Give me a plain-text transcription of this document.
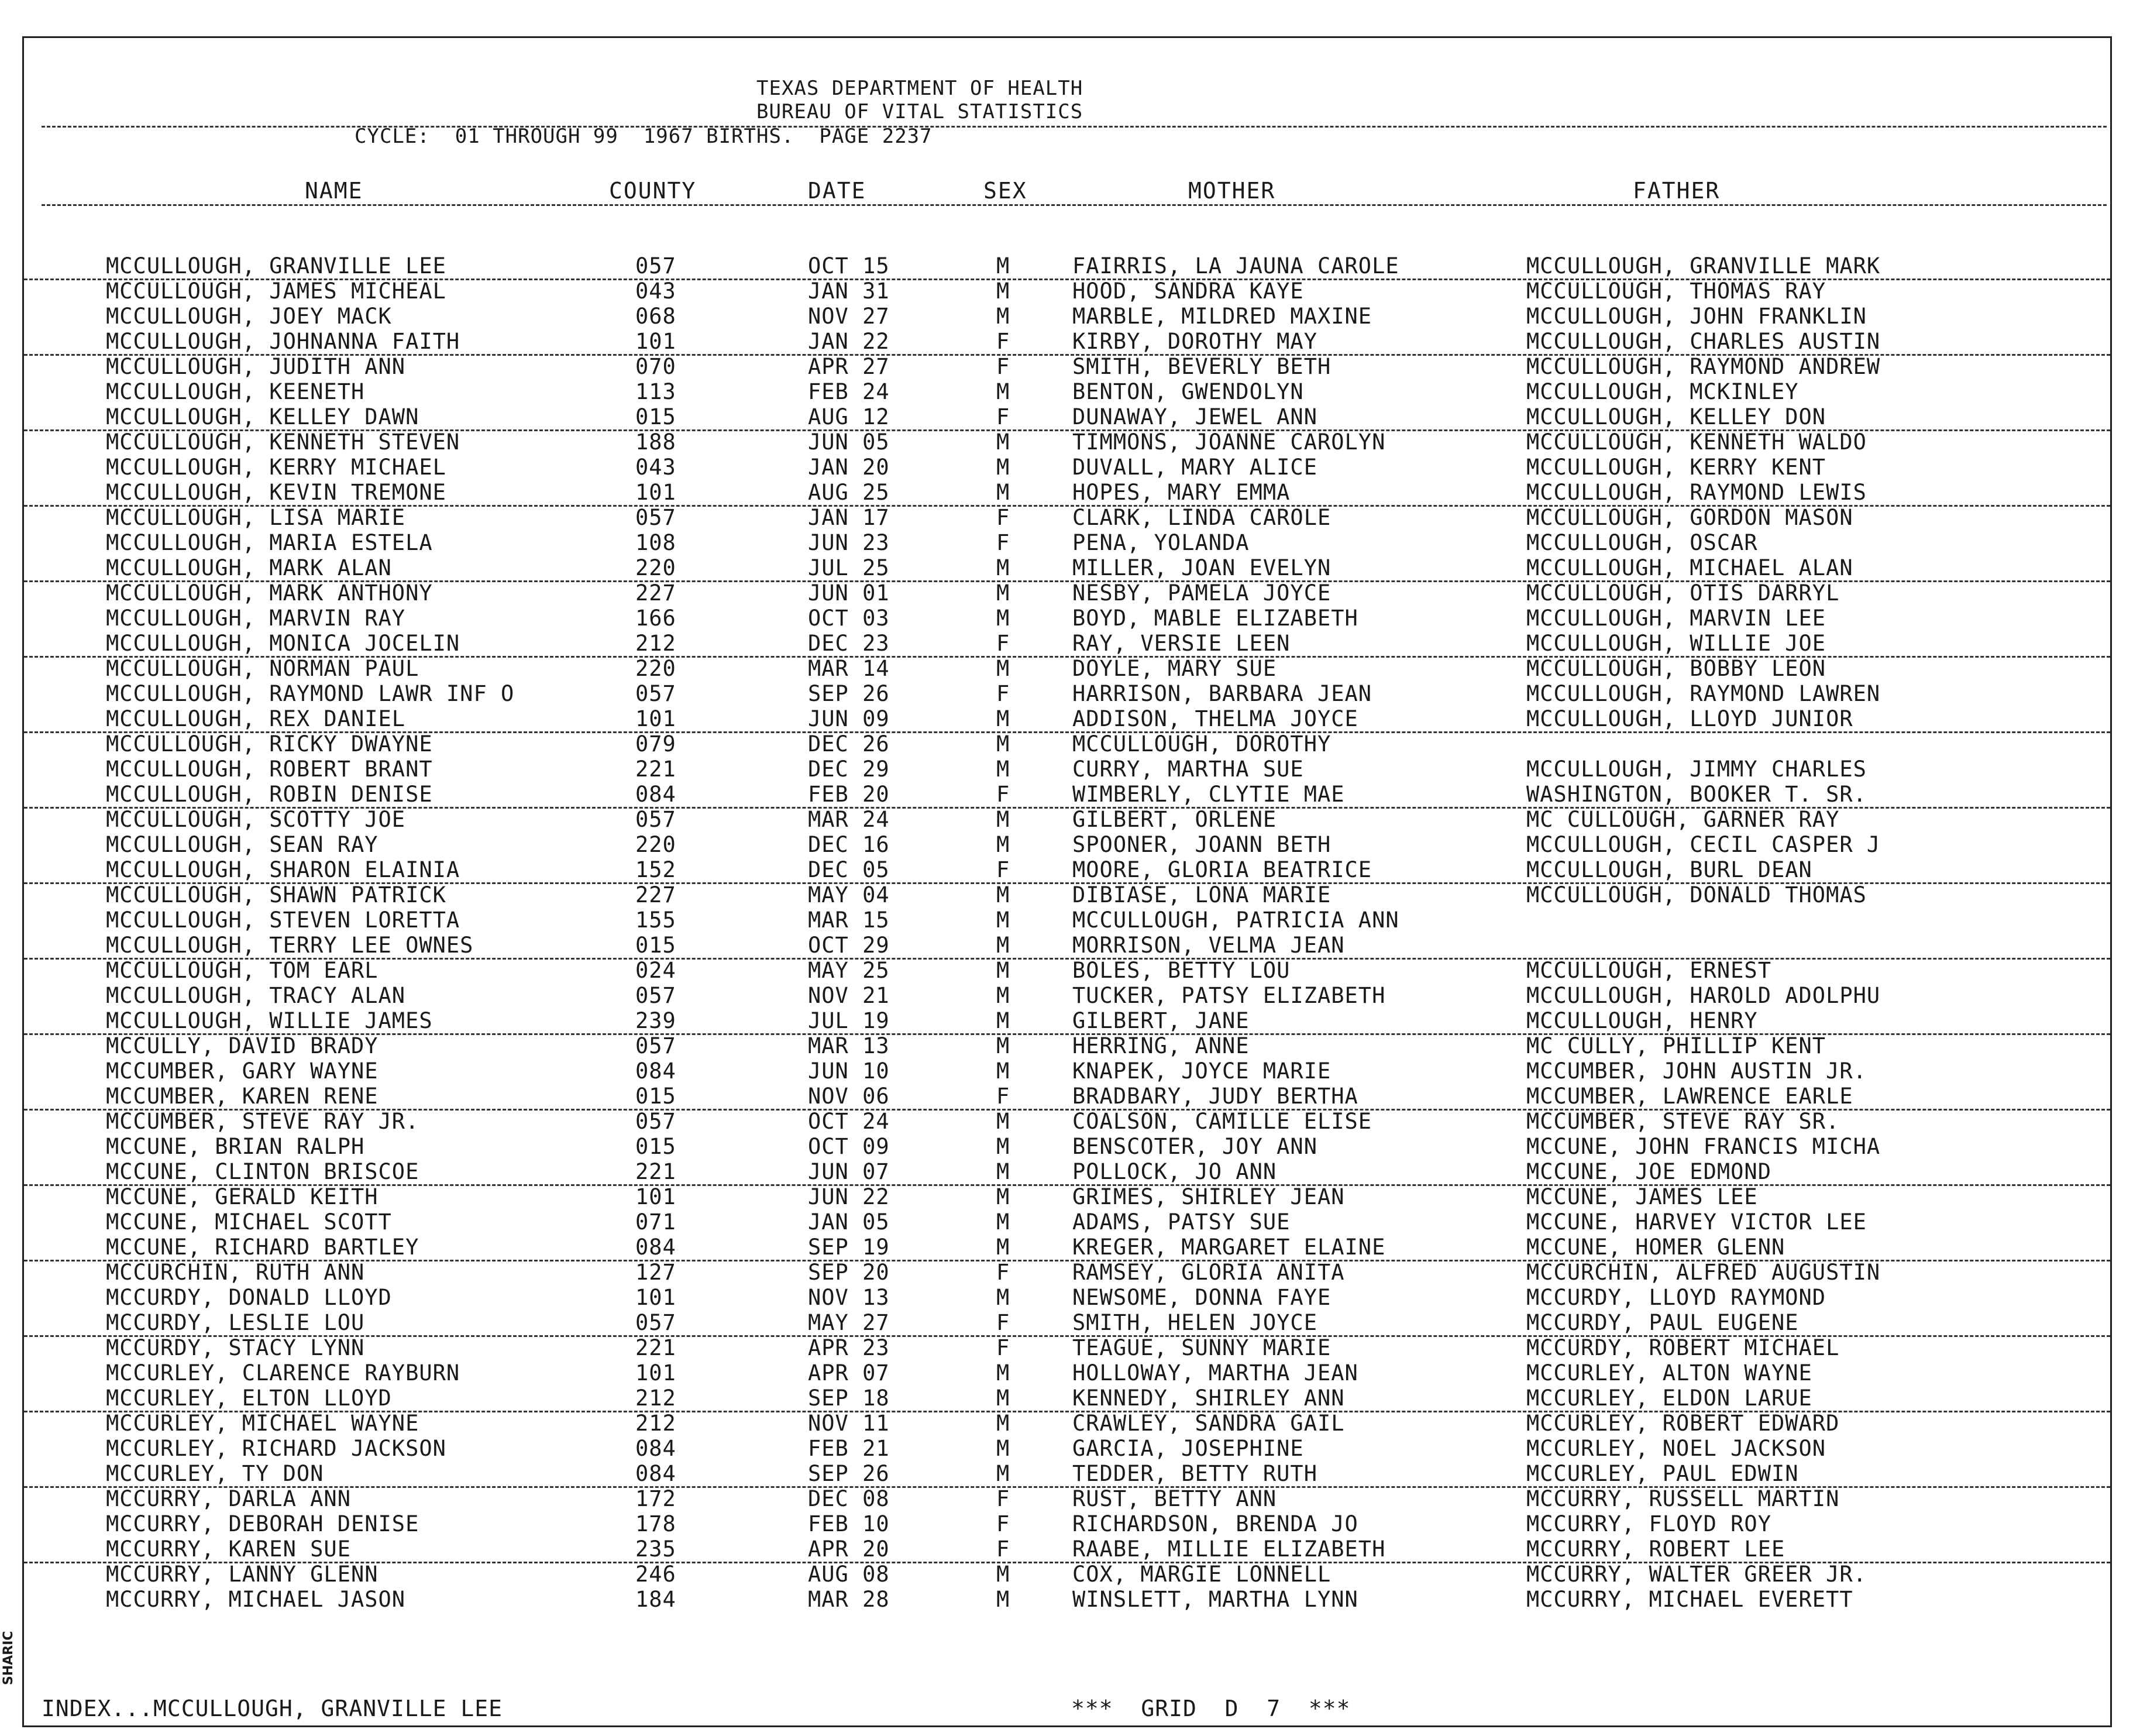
TEXAS DEPARTMENT OF HEALTH
BUREAU OF VITAL STATISTICS
CYCLE:  01 THROUGH 99  1967 BIRTHS.  PAGE 2237
NAME	COUNTY	DATE	SEX	MOTHER	FATHER
MCCULLOUGH, GRANVILLE LEE	057	OCT 15	M	FAIRRIS, LA JAUNA CAROLE	MCCULLOUGH, GRANVILLE MARK
MCCULLOUGH, JAMES MICHEAL	043	JAN 31	M	HOOD, SANDRA KAYE	MCCULLOUGH, THOMAS RAY
MCCULLOUGH, JOEY MACK	068	NOV 27	M	MARBLE, MILDRED MAXINE	MCCULLOUGH, JOHN FRANKLIN
MCCULLOUGH, JOHNANNA FAITH	101	JAN 22	F	KIRBY, DOROTHY MAY	MCCULLOUGH, CHARLES AUSTIN
MCCULLOUGH, JUDITH ANN	070	APR 27	F	SMITH, BEVERLY BETH	MCCULLOUGH, RAYMOND ANDREW
MCCULLOUGH, KEENETH	113	FEB 24	M	BENTON, GWENDOLYN	MCCULLOUGH, MCKINLEY
MCCULLOUGH, KELLEY DAWN	015	AUG 12	F	DUNAWAY, JEWEL ANN	MCCULLOUGH, KELLEY DON
MCCULLOUGH, KENNETH STEVEN	188	JUN 05	M	TIMMONS, JOANNE CAROLYN	MCCULLOUGH, KENNETH WALDO
MCCULLOUGH, KERRY MICHAEL	043	JAN 20	M	DUVALL, MARY ALICE	MCCULLOUGH, KERRY KENT
MCCULLOUGH, KEVIN TREMONE	101	AUG 25	M	HOPES, MARY EMMA	MCCULLOUGH, RAYMOND LEWIS
MCCULLOUGH, LISA MARIE	057	JAN 17	F	CLARK, LINDA CAROLE	MCCULLOUGH, GORDON MASON
MCCULLOUGH, MARIA ESTELA	108	JUN 23	F	PENA, YOLANDA	MCCULLOUGH, OSCAR
MCCULLOUGH, MARK ALAN	220	JUL 25	M	MILLER, JOAN EVELYN	MCCULLOUGH, MICHAEL ALAN
MCCULLOUGH, MARK ANTHONY	227	JUN 01	M	NESBY, PAMELA JOYCE	MCCULLOUGH, OTIS DARRYL
MCCULLOUGH, MARVIN RAY	166	OCT 03	M	BOYD, MABLE ELIZABETH	MCCULLOUGH, MARVIN LEE
MCCULLOUGH, MONICA JOCELIN	212	DEC 23	F	RAY, VERSIE LEEN	MCCULLOUGH, WILLIE JOE
MCCULLOUGH, NORMAN PAUL	220	MAR 14	M	DOYLE, MARY SUE	MCCULLOUGH, BOBBY LEON
MCCULLOUGH, RAYMOND LAWR INF O	057	SEP 26	F	HARRISON, BARBARA JEAN	MCCULLOUGH, RAYMOND LAWREN
MCCULLOUGH, REX DANIEL	101	JUN 09	M	ADDISON, THELMA JOYCE	MCCULLOUGH, LLOYD JUNIOR
MCCULLOUGH, RICKY DWAYNE	079	DEC 26	M	MCCULLOUGH, DOROTHY
MCCULLOUGH, ROBERT BRANT	221	DEC 29	M	CURRY, MARTHA SUE	MCCULLOUGH, JIMMY CHARLES
MCCULLOUGH, ROBIN DENISE	084	FEB 20	F	WIMBERLY, CLYTIE MAE	WASHINGTON, BOOKER T. SR.
MCCULLOUGH, SCOTTY JOE	057	MAR 24	M	GILBERT, ORLENE	MC CULLOUGH, GARNER RAY
MCCULLOUGH, SEAN RAY	220	DEC 16	M	SPOONER, JOANN BETH	MCCULLOUGH, CECIL CASPER J
MCCULLOUGH, SHARON ELAINIA	152	DEC 05	F	MOORE, GLORIA BEATRICE	MCCULLOUGH, BURL DEAN
MCCULLOUGH, SHAWN PATRICK	227	MAY 04	M	DIBIASE, LONA MARIE	MCCULLOUGH, DONALD THOMAS
MCCULLOUGH, STEVEN LORETTA	155	MAR 15	M	MCCULLOUGH, PATRICIA ANN
MCCULLOUGH, TERRY LEE OWNES	015	OCT 29	M	MORRISON, VELMA JEAN
MCCULLOUGH, TOM EARL	024	MAY 25	M	BOLES, BETTY LOU	MCCULLOUGH, ERNEST
MCCULLOUGH, TRACY ALAN	057	NOV 21	M	TUCKER, PATSY ELIZABETH	MCCULLOUGH, HAROLD ADOLPHU
MCCULLOUGH, WILLIE JAMES	239	JUL 19	M	GILBERT, JANE	MCCULLOUGH, HENRY
MCCULLY, DAVID BRADY	057	MAR 13	M	HERRING, ANNE	MC CULLY, PHILLIP KENT
MCCUMBER, GARY WAYNE	084	JUN 10	M	KNAPEK, JOYCE MARIE	MCCUMBER, JOHN AUSTIN JR.
MCCUMBER, KAREN RENE	015	NOV 06	F	BRADBARY, JUDY BERTHA	MCCUMBER, LAWRENCE EARLE
MCCUMBER, STEVE RAY JR.	057	OCT 24	M	COALSON, CAMILLE ELISE	MCCUMBER, STEVE RAY SR.
MCCUNE, BRIAN RALPH	015	OCT 09	M	BENSCOTER, JOY ANN	MCCUNE, JOHN FRANCIS MICHA
MCCUNE, CLINTON BRISCOE	221	JUN 07	M	POLLOCK, JO ANN	MCCUNE, JOE EDMOND
MCCUNE, GERALD KEITH	101	JUN 22	M	GRIMES, SHIRLEY JEAN	MCCUNE, JAMES LEE
MCCUNE, MICHAEL SCOTT	071	JAN 05	M	ADAMS, PATSY SUE	MCCUNE, HARVEY VICTOR LEE
MCCUNE, RICHARD BARTLEY	084	SEP 19	M	KREGER, MARGARET ELAINE	MCCUNE, HOMER GLENN
MCCURCHIN, RUTH ANN	127	SEP 20	F	RAMSEY, GLORIA ANITA	MCCURCHIN, ALFRED AUGUSTIN
MCCURDY, DONALD LLOYD	101	NOV 13	M	NEWSOME, DONNA FAYE	MCCURDY, LLOYD RAYMOND
MCCURDY, LESLIE LOU	057	MAY 27	F	SMITH, HELEN JOYCE	MCCURDY, PAUL EUGENE
MCCURDY, STACY LYNN	221	APR 23	F	TEAGUE, SUNNY MARIE	MCCURDY, ROBERT MICHAEL
MCCURLEY, CLARENCE RAYBURN	101	APR 07	M	HOLLOWAY, MARTHA JEAN	MCCURLEY, ALTON WAYNE
MCCURLEY, ELTON LLOYD	212	SEP 18	M	KENNEDY, SHIRLEY ANN	MCCURLEY, ELDON LARUE
MCCURLEY, MICHAEL WAYNE	212	NOV 11	M	CRAWLEY, SANDRA GAIL	MCCURLEY, ROBERT EDWARD
MCCURLEY, RICHARD JACKSON	084	FEB 21	M	GARCIA, JOSEPHINE	MCCURLEY, NOEL JACKSON
MCCURLEY, TY DON	084	SEP 26	M	TEDDER, BETTY RUTH	MCCURLEY, PAUL EDWIN
MCCURRY, DARLA ANN	172	DEC 08	F	RUST, BETTY ANN	MCCURRY, RUSSELL MARTIN
MCCURRY, DEBORAH DENISE	178	FEB 10	F	RICHARDSON, BRENDA JO	MCCURRY, FLOYD ROY
MCCURRY, KAREN SUE	235	APR 20	F	RAABE, MILLIE ELIZABETH	MCCURRY, ROBERT LEE
MCCURRY, LANNY GLENN	246	AUG 08	M	COX, MARGIE LONNELL	MCCURRY, WALTER GREER JR.
MCCURRY, MICHAEL JASON	184	MAR 28	M	WINSLETT, MARTHA LYNN	MCCURRY, MICHAEL EVERETT
INDEX...MCCULLOUGH, GRANVILLE LEE	***  GRID  D  7  ***
SHARIC
